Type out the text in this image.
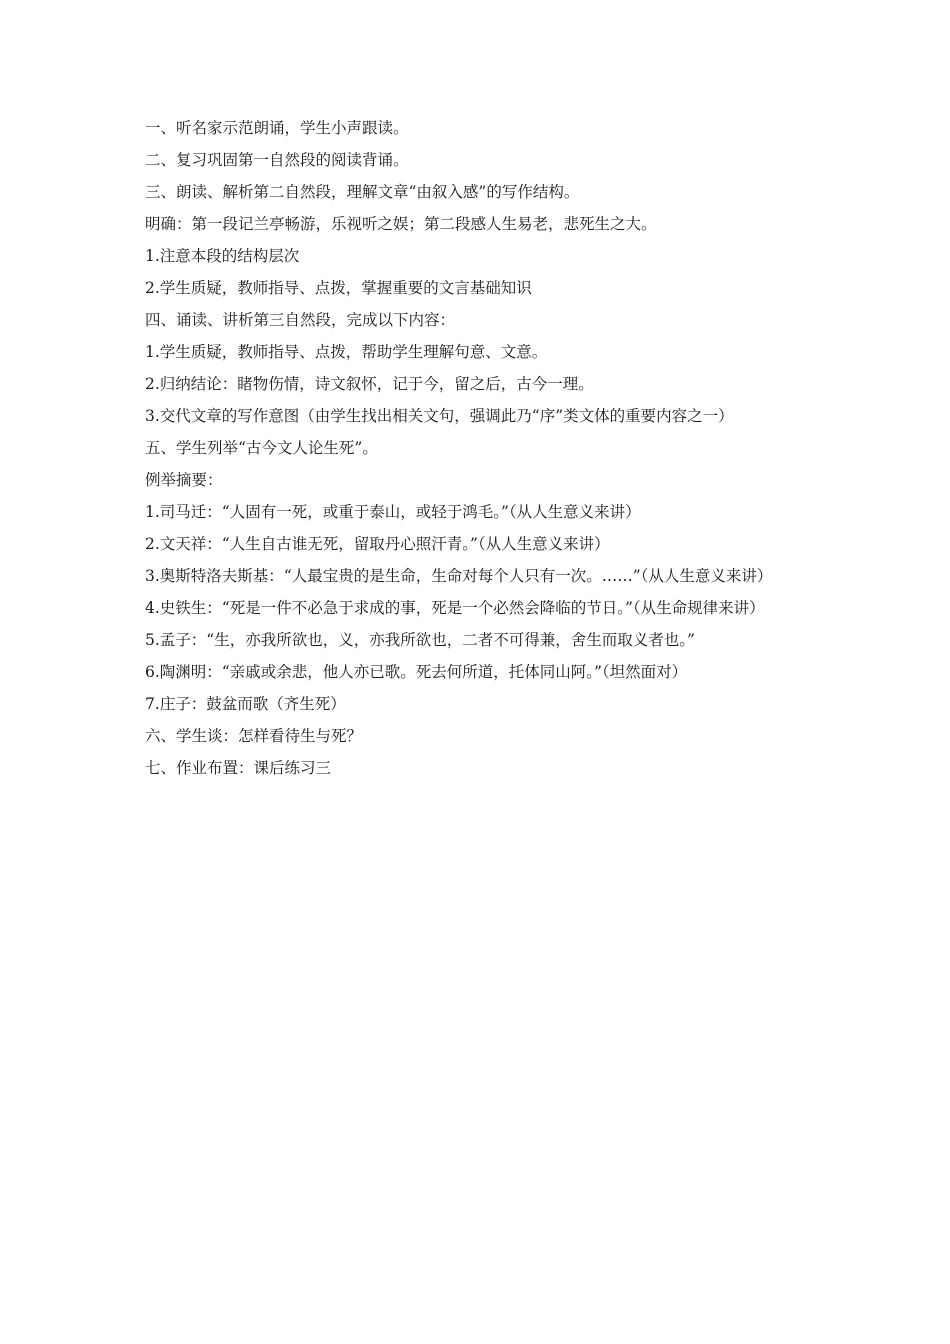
一、听名家示范朗诵，学生小声跟读。
二、复习巩固第一自然段的阅读背诵。
三、朗读、解析第二自然段，理解文章“由叙入感”的写作结构。
明确：第一段记兰亭畅游，乐视听之娱；第二段感人生易老，悲死生之大。
1.注意本段的结构层次
2.学生质疑，教师指导、点拨，掌握重要的文言基础知识
四、诵读、讲析第三自然段，完成以下内容：
1.学生质疑，教师指导、点拨，帮助学生理解句意、文意。
2.归纳结论：睹物伤情，诗文叙怀，记于今，留之后，古今一理。
3.交代文章的写作意图（由学生找出相关文句，强调此乃“序”类文体的重要内容之一）
五、学生列举“古今文人论生死”。
例举摘要：
1.司马迁：“人固有一死，或重于泰山，或轻于鸿毛。”（从人生意义来讲）
2.文天祥：“人生自古谁无死，留取丹心照汗青。”（从人生意义来讲）
3.奥斯特洛夫斯基：“人最宝贵的是生命，生命对每个人只有一次。……”（从人生意义来讲）
4.史铁生：“死是一件不必急于求成的事，死是一个必然会降临的节日。”（从生命规律来讲）
5.孟子：“生，亦我所欲也，义，亦我所欲也，二者不可得兼，舍生而取义者也。”
6.陶渊明：“亲戚或余悲，他人亦已歌。死去何所道，托体同山阿。”（坦然面对）
7.庄子：鼓盆而歌（齐生死）
六、学生谈：怎样看待生与死？
七、作业布置：课后练习三
